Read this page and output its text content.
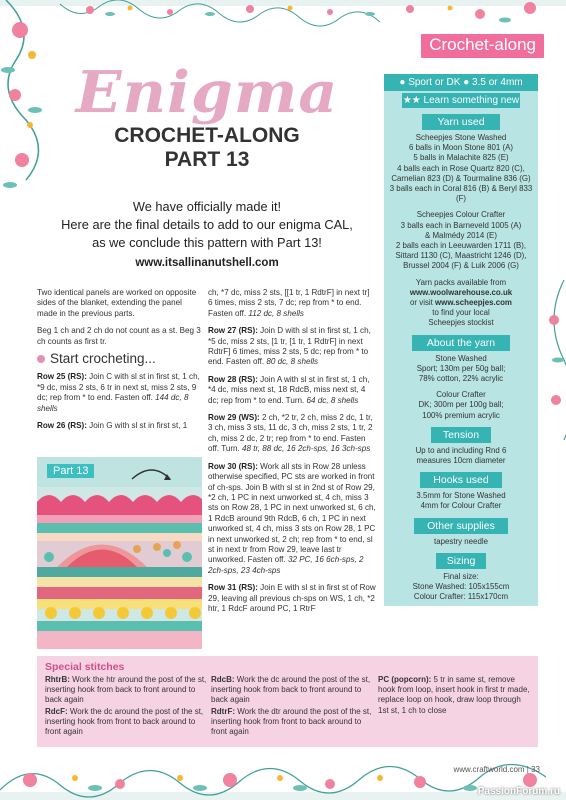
Crochet-along
Enigma
CROCHET-ALONG
PART 13
We have officially made it!
Here are the final details to add to our enigma CAL,
as we conclude this pattern with Part 13!
www.itsallinanutshell.com

Two identical panels are worked on opposite sides of the blanket, extending the panel made in the previous parts.

Beg 1 ch and 2 ch do not count as a st. Beg 3 ch counts as first tr.

Start crocheting...

Row 25 (RS): Join C with sl st in first st, 1 ch, *9 dc, miss 2 sts, 6 tr in next st, miss 2 sts, 9 dc; rep from * to end. Fasten off. 144 dc, 8 shells

Row 26 (RS): Join G with sl st in first st, 1

Part 13

ch, *7 dc, miss 2 sts, [[1 tr, 1 RdtrF] in next tr] 6 times, miss 2 sts, 7 dc; rep from * to end. Fasten off. 112 dc, 8 shells

Row 27 (RS): Join D with sl st in first st, 1 ch, *5 dc, miss 2 sts, [1 tr, [1 tr, 1 RdtrF] in next RdtrF] 6 times, miss 2 sts, 5 dc; rep from * to end. Fasten off. 80 dc, 8 shells

Row 28 (RS): Join A with sl st in first st, 1 ch, *4 dc, miss next st, 18 RdcB, miss next st, 4 dc; rep from * to end. Turn. 64 dc, 8 shells

Row 29 (WS): 2 ch, *2 tr, 2 ch, miss 2 dc, 1 tr, 3 ch, miss 3 sts, 11 dc, 3 ch, miss 2 sts, 1 tr, 2 ch, miss 2 dc, 2 tr; rep from * to end. Fasten off. Turn. 48 tr, 88 dc, 16 2ch-sps, 16 3ch-sps

Row 30 (RS): Work all sts in Row 28 unless otherwise specified, PC sts are worked in front of ch-sps. Join B with sl st in 2nd st of Row 29, *2 ch, 1 PC in next unworked st, 4 ch, miss 3 sts on Row 28, 1 PC in next unworked st, 6 ch, 1 RdcB around 9th RdcB, 6 ch, 1 PC in next unworked st, 4 ch, miss 3 sts on Row 28, 1 PC in next unworked st, 2 ch; rep from * to end, sl st in next tr from Row 29, leave last tr unworked. Fasten off. 32 PC, 16 6ch-sps, 2 2ch-sps, 23 4ch-sps

Row 31 (RS): Join E with sl st in first st of Row 29, leaving all previous ch-sps on WS, 1 ch, *2 htr, 1 RdcF around PC, 1 RtrF

● Sport or DK ● 3.5 or 4mm
★★ Learn something new
Yarn used

Scheepjes Stone Washed
6 balls in Moon Stone 801 (A)
5 balls in Malachite 825 (E)
4 balls each in Rose Quartz 820 (C),
Carnelian 823 (D) & Tourmaline 836 (G)
3 balls each in Coral 816 (B) & Beryl 833 (F)

Scheepjes Colour Crafter
3 balls each in Barneveld 1005 (A)
& Malmédy 2014 (E)
2 balls each in Leeuwarden 1711 (B),
Sittard 1130 (C), Maastricht 1246 (D),
Brussel 2004 (F) & Luik 2006 (G)

Yarn packs available from
www.woolwarehouse.co.uk
or visit www.scheepjes.com
to find your local
Scheepjes stockist

About the yarn

Stone Washed
Sport; 130m per 50g ball;
78% cotton, 22% acrylic

Colour Crafter
DK; 300m per 100g ball;
100% premium acrylic

Tension

Up to and including Rnd 6
measures 10cm diameter

Hooks used

3.5mm for Stone Washed
4mm for Colour Crafter

Other supplies

tapestry needle

Sizing

Final size:
Stone Washed: 105x155cm
Colour Crafter: 115x170cm

Special stitches

RhtrB: Work the htr around the post of the st, inserting hook from back to front around to back again

RdcF: Work the dc around the post of the st, inserting hook from front to back around to front again

RdcB: Work the dc around the post of the st, inserting hook from back to front around to back again

RdtrF: Work the dtr around the post of the st, inserting hook from front to back around to front again

PC (popcorn): 5 tr in same st, remove hook from loop, insert hook in first tr made, replace loop on hook, draw loop through 1st st, 1 ch to close

www.craftworld.com | 33
PassionForum.ru
